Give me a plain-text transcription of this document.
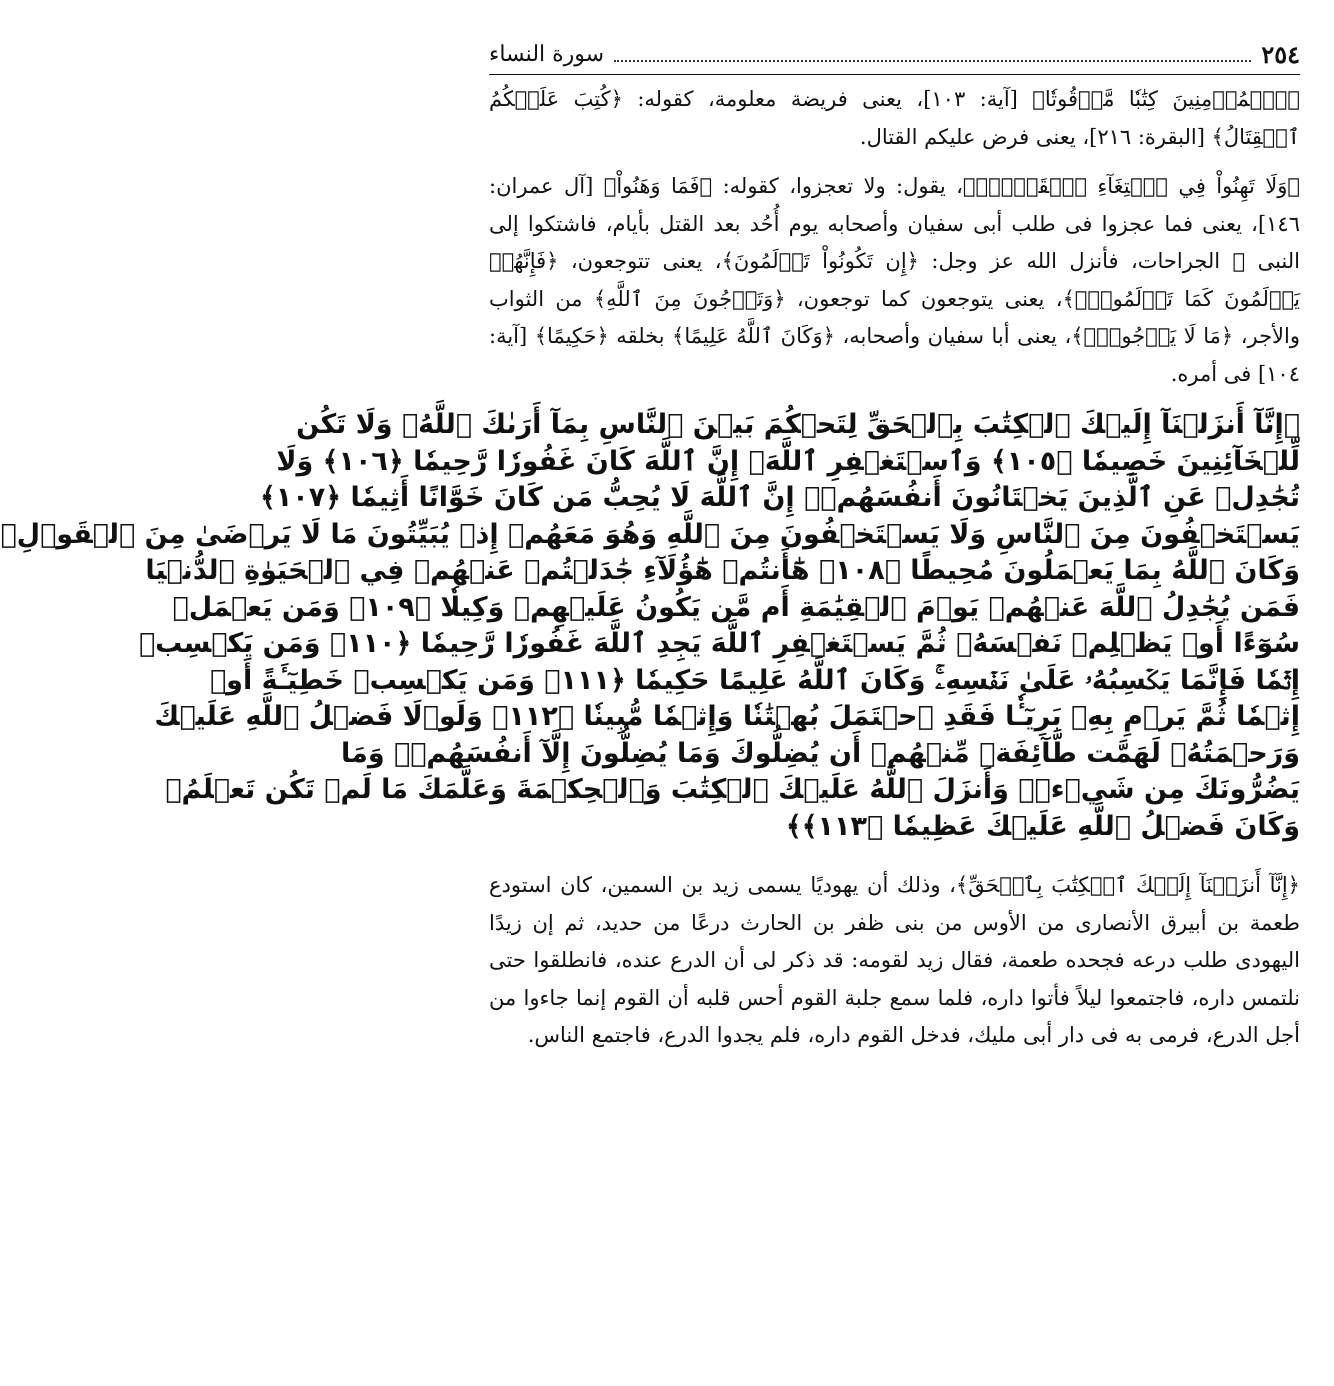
٢٥٤
سورة النساء

﴿ٱلۡمُؤۡمِنِينَ كِتَٰبٗا مَّوۡقُوتٗا﴾ [آية: ١٠٣]، يعنى فريضة معلومة، كقوله: ﴿كُتِبَ عَلَيۡكُمُ ٱلۡقِتَالُ﴾ [البقرة: ٢١٦]، يعنى فرض عليكم القتال.

﴿وَلَا تَهِنُواْ فِي ٱبۡتِغَآءِ ٱلۡقَوۡمِۖ﴾، يقول: ولا تعجزوا، كقوله: ﴿فَمَا وَهَنُواْ﴾ [آل عمران: ١٤٦]، يعنى فما عجزوا فى طلب أبى سفيان وأصحابه يوم أُحُد بعد القتل بأيام، فاشتكوا إلى النبى ﷺ الجراحات، فأنزل الله عز وجل: ﴿إِن تَكُونُواْ تَأۡلَمُونَ﴾، يعنى تتوجعون، ﴿فَإِنَّهُمۡ يَأۡلَمُونَ كَمَا تَأۡلَمُونَۖ﴾، يعنى يتوجعون كما توجعون، ﴿وَتَرۡجُونَ مِنَ ٱللَّهِ﴾ من الثواب والأجر، ﴿مَا لَا يَرۡجُونَۗ﴾، يعنى أبا سفيان وأصحابه، ﴿وَكَانَ ٱللَّهُ عَلِيمًا﴾ بخلقه ﴿حَكِيمًا﴾ [آية: ١٠٤] فى أمره.

﴿إِنَّآ أَنزَلۡنَآ إِلَيۡكَ ٱلۡكِتَٰبَ بِٱلۡحَقِّ لِتَحۡكُمَ بَيۡنَ ٱلنَّاسِ بِمَآ أَرَىٰكَ ٱللَّهُۚ وَلَا تَكُن
لِّلۡخَآئِنِينَ خَصِيمٗا ﴿١٠٥﴾ وَٱسۡتَغۡفِرِ ٱللَّهَۖ إِنَّ ٱللَّهَ كَانَ غَفُورٗا رَّحِيمٗا ﴿١٠٦﴾ وَلَا
تُجَٰدِلۡ عَنِ ٱلَّذِينَ يَخۡتَانُونَ أَنفُسَهُمۡۚ إِنَّ ٱللَّهَ لَا يُحِبُّ مَن كَانَ خَوَّانًا أَثِيمٗا ﴿١٠٧﴾
يَسۡتَخۡفُونَ مِنَ ٱلنَّاسِ وَلَا يَسۡتَخۡفُونَ مِنَ ٱللَّهِ وَهُوَ مَعَهُمۡ إِذۡ يُبَيِّتُونَ مَا لَا يَرۡضَىٰ مِنَ ٱلۡقَوۡلِۚ
وَكَانَ ٱللَّهُ بِمَا يَعۡمَلُونَ مُحِيطًا ﴿١٠٨﴾ هَٰٓأَنتُمۡ هَٰٓؤُلَآءِ جَٰدَلۡتُمۡ عَنۡهُمۡ فِي ٱلۡحَيَوٰةِ ٱلدُّنۡيَا
فَمَن يُجَٰدِلُ ٱللَّهَ عَنۡهُمۡ يَوۡمَ ٱلۡقِيَٰمَةِ أَم مَّن يَكُونُ عَلَيۡهِمۡ وَكِيلٗا ﴿١٠٩﴾ وَمَن يَعۡمَلۡ
سُوٓءًا أَوۡ يَظۡلِمۡ نَفۡسَهُۥ ثُمَّ يَسۡتَغۡفِرِ ٱللَّهَ يَجِدِ ٱللَّهَ غَفُورٗا رَّحِيمٗا ﴿١١٠﴾ وَمَن يَكۡسِبۡ
إِثۡمٗا فَإِنَّمَا يَكۡسِبُهُۥ عَلَىٰ نَفۡسِهِۦۚ وَكَانَ ٱللَّهُ عَلِيمًا حَكِيمٗا ﴿١١١﴾ وَمَن يَكۡسِبۡ خَطِيٓـَٔةً أَوۡ
إِثۡمٗا ثُمَّ يَرۡمِ بِهِۦ بَرِيٓـٔٗا فَقَدِ ٱحۡتَمَلَ بُهۡتَٰنٗا وَإِثۡمٗا مُّبِينٗا ﴿١١٢﴾ وَلَوۡلَا فَضۡلُ ٱللَّهِ عَلَيۡكَ
وَرَحۡمَتُهُۥ لَهَمَّت طَّآئِفَةٞ مِّنۡهُمۡ أَن يُضِلُّوكَ وَمَا يُضِلُّونَ إِلَّآ أَنفُسَهُمۡۖ وَمَا
يَضُرُّونَكَ مِن شَيۡءٖۚ وَأَنزَلَ ٱللَّهُ عَلَيۡكَ ٱلۡكِتَٰبَ وَٱلۡحِكۡمَةَ وَعَلَّمَكَ مَا لَمۡ تَكُن تَعۡلَمُۚ
وَكَانَ فَضۡلُ ٱللَّهِ عَلَيۡكَ عَظِيمٗا ﴿١١٣﴾﴾

﴿إِنَّآ أَنزَلۡنَآ إِلَيۡكَ ٱلۡكِتَٰبَ بِٱلۡحَقِّ﴾، وذلك أن يهوديًا يسمى زيد بن السمين، كان استودع طعمة بن أبيرق الأنصارى من الأوس من بنى ظفر بن الحارث درعًا من حديد، ثم إن زيدًا اليهودى طلب درعه فجحده طعمة، فقال زيد لقومه: قد ذكر لى أن الدرع عنده، فانطلقوا حتى نلتمس داره، فاجتمعوا ليلاً فأتوا داره، فلما سمع جلبة القوم أحس قلبه أن القوم إنما جاءوا من أجل الدرع، فرمى به فى دار أبى مليك، فدخل القوم داره، فلم يجدوا الدرع، فاجتمع الناس.
